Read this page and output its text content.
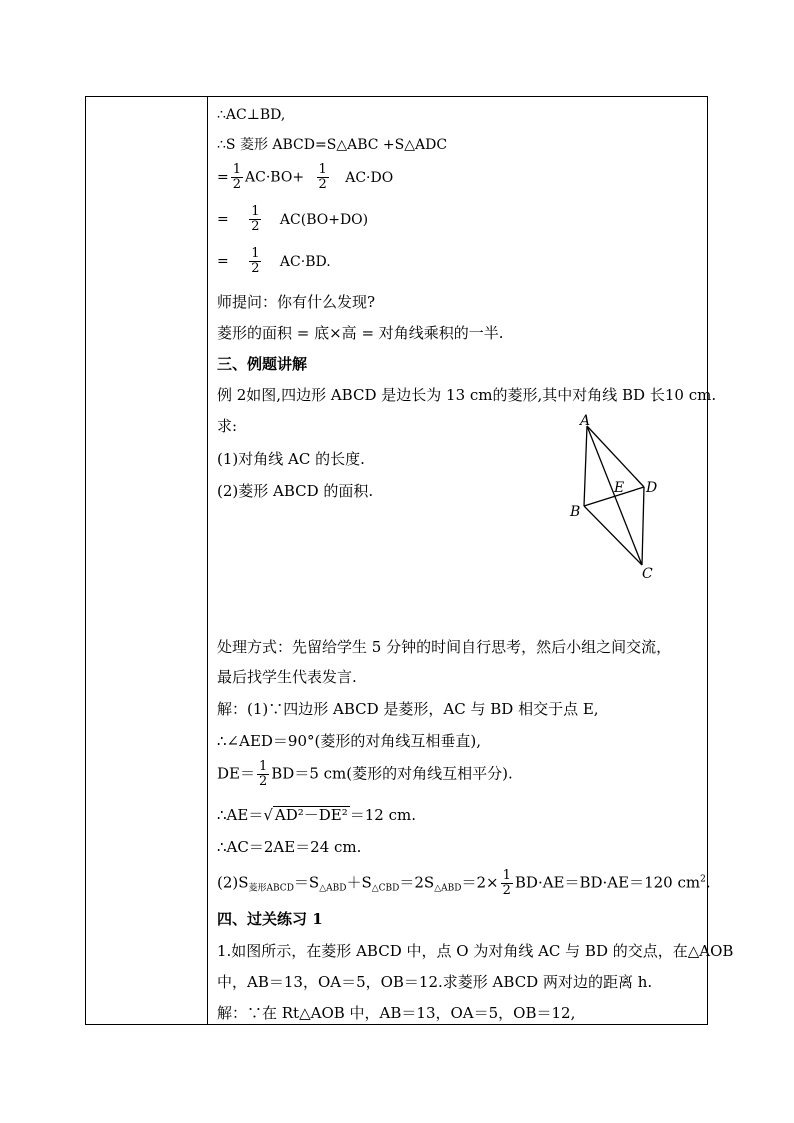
∴AC⊥BD,
∴S 菱形 ABCD=S△ABC +S△ADC
= $\frac{1}{2} AC\cdot BO+ \frac{1}{2} AC\cdot DO$
= $\frac{1}{2} AC(BO+DO)$
= $\frac{1}{2} AC\cdot BD$.
师提问：你有什么发现?
菱形的面积 = 底×高 = 对角线乘积的一半.
三、例题讲解
例 2如图,四边形 ABCD 是边长为 13 cm的菱形,其中对角线 BD 长10 cm.
求:
(1)对角线 AC 的长度.
(2)菱形 ABCD 的面积.
处理方式：先留给学生 5 分钟的时间自行思考，然后小组之间交流，
最后找学生代表发言.
解：(1)∵四边形 ABCD 是菱形，AC 与 BD 相交于点 E,
∴∠AED＝90°(菱形的对角线互相垂直),
$DE= \frac{1}{2} BD=5$ cm(菱形的对角线互相平分).
∴AE＝√ AD²－DE² ＝12 cm.
∴AC＝2AE＝24 cm.
$(2)S_{菱形ABCD}=S_{\triangle ABD}+S_{\triangle CBD}=2S_{\triangle ABD}=2\times \frac{1}{2} BD\cdot AE=BD\cdot AE=120$ $cm^2$.
四、过关练习 1
1.如图所示，在菱形 ABCD 中，点 O 为对角线 AC 与 BD 的交点，在△AOB
中，AB＝13，OA＝5，OB＝12.求菱形 ABCD 两对边的距离 h.
解：∵在 Rt△AOB 中，AB＝13，OA＝5，OB＝12,
A
D
B
C
E
